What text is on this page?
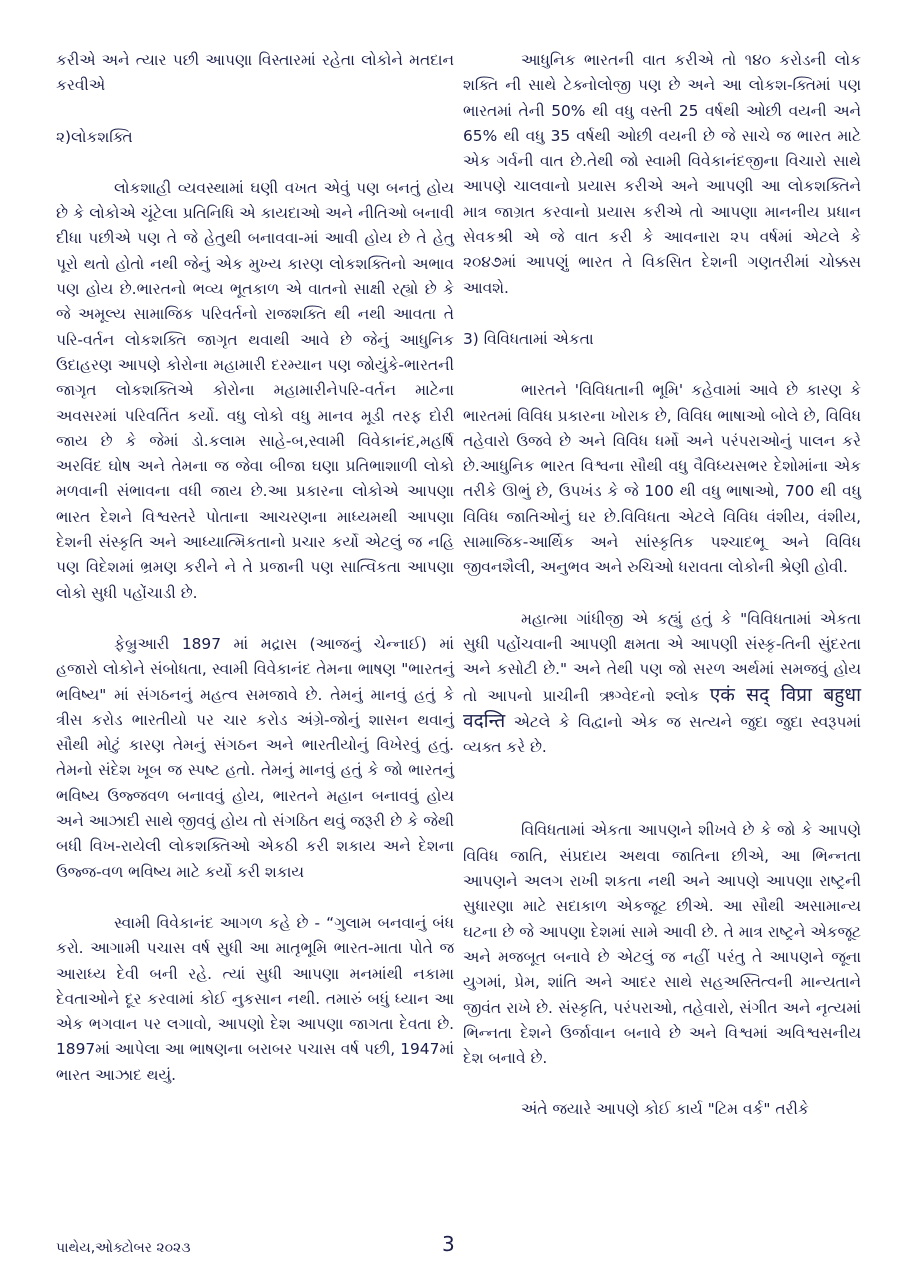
કરીએ અને ત્યાર પછી આપણા વિસ્તારમાં રહેતા લોકોને મતદાન કરવીએ

૨)લોકશક્તિ

લોકશાહી વ્યવસ્થામાં ઘણી વખત એવું પણ બનતું હોય છે કે લોકોએ ચૂંટેલા પ્રતિનિધિ એ કાયદાઓ અને નીતિઓ બનાવી દીધા પછીએ પણ તે જે હેતુથી બનાવવા-માં આવી હોય છે તે હેતુ પૂરો થતો હોતો નથી જેનું એક મુખ્ય કારણ લોકશક્તિનો અભાવ પણ હોય છે.ભારતનો ભવ્ય ભૂતકાળ એ વાતનો સાક્ષી રહ્યો છે કે જે અમૂલ્ય સામાજિક પરિવર્તનો રાજશક્તિ થી નથી આવતા તે પરિ-વર્તન લોકશક્તિ જાગૃત થવાથી આવે છે જેનું આધુનિક ઉદાહરણ આપણે કોરોના મહામારી દરમ્યાન પણ જોયુંકે-ભારતની જાગૃત લોકશક્તિએ કોરોના મહામારીનેપરિ-વર્તન માટેના અવસરમાં પરિવર્તિત કર્યો. વધુ લોકો વધુ માનવ મૂડી તરફ દોરી જાય છે કે જેમાં ડો.કલામ સાહે-બ,સ્વામી વિવેકાનંદ,મહર્ષિ અરવિંદ ઘોષ અને તેમના જ જેવા બીજા ઘણા પ્રતિભાશાળી લોકો મળવાની સંભાવના વધી જાય છે.આ પ્રકારના લોકોએ આપણા ભારત દેશને વિશ્વસ્તરે પોતાના આચરણના માધ્યમથી આપણા દેશની સંસ્કૃતિ અને આધ્યાત્મિકતાનો પ્રચાર કર્યો એટલું જ નહિ પણ વિદેશમાં ભ્રમણ કરીને ને તે પ્રજાની પણ સાત્વિકતા આપણા લોકો સુધી પહોંચાડી છે.

ફેબ્રુઆરી 1897 માં મદ્રાસ (આજનું ચેન્નાઈ) માં હજારો લોકોને સંબોધતા, સ્વામી વિવેકાનંદ તેમના ભાષણ "ભારતનું ભવિષ્ય" માં સંગઠનનું મહત્વ સમજાવે છે. તેમનું માનવું હતું કે ત્રીસ કરોડ ભારતીયો પર ચાર કરોડ અંગ્રે-જોનું શાસન થવાનું સૌથી મોટું કારણ તેમનું સંગઠન અને ભારતીયોનું વિખેરવું હતું. તેમનો સંદેશ ખૂબ જ સ્પષ્ટ હતો. તેમનું માનવું હતું કે જો ભારતનું ભવિષ્ય ઉજ્જવળ બનાવવું હોય, ભારતને મહાન બનાવવું હોય અને આઝાદી સાથે જીવવું હોય તો સંગઠિત થવું જરૂરી છે કે જેથી બધી વિખ-રાયેલી લોકશક્તિઓ એકઠી કરી શકાય અને દેશના ઉજ્જ-વળ ભવિષ્ય માટે કર્યો કરી શકાય

સ્વામી વિવેકાનંદ આગળ કહે છે - “ગુલામ બનવાનું બંધ કરો. આગામી પચાસ વર્ષ સુધી આ માતૃભૂમિ ભારત-માતા પોતે જ આરાધ્ય દેવી બની રહે. ત્યાં સુધી આપણા મનમાંથી નકામા દેવતાઓને દૂર કરવામાં કોઈ નુકસાન નથી. તમારું બધું ધ્યાન આ એક ભગવાન પર લગાવો, આપણો દેશ આપણા જાગતા દેવતા છે. 1897માં આપેલા આ ભાષણના બરાબર પચાસ વર્ષ પછી, 1947માં ભારત આઝાદ થયું.

આધુનિક ભારતની વાત કરીએ તો ૧૪૦ કરોડની લોક શક્તિ ની સાથે ટેક્નોલોજી પણ છે અને આ લોકશ-ક્તિમાં પણ ભારતમાં તેની 50% થી વધુ વસ્તી 25 વર્ષથી ઓછી વયની અને 65% થી વધુ 35 વર્ષથી ઓછી વયની છે જે સાચે જ ભારત માટે એક ગર્વની વાત છે.તેથી જો સ્વામી વિવેકાનંદજીના વિચારો સાથે આપણે ચાલવાનો પ્રયાસ કરીએ અને આપણી આ લોકશક્તિને માત્ર જાગ્રત કરવાનો પ્રયાસ કરીએ તો આપણા માનનીય પ્રધાન સેવકશ્રી એ જે વાત કરી કે આવનારા ૨૫ વર્ષમાં એટલે કે ૨૦૪૭માં આપણું ભારત તે વિકસિત દેશની ગણતરીમાં ચોક્કસ આવશે.

3) વિવિધતામાં એકતા

ભારતને 'વિવિધતાની ભૂમિ' કહેવામાં આવે છે કારણ કે ભારતમાં વિવિધ પ્રકારના ખોરાક છે, વિવિધ ભાષાઓ બોલે છે, વિવિધ તહેવારો ઉજવે છે અને વિવિધ ધર્મો અને પરંપરાઓનું પાલન કરે છે.આધુનિક ભારત વિશ્વના સૌથી વધુ વૈવિધ્યસભર દેશોમાંના એક તરીકે ઊભું છે, ઉપખંડ કે જે 100 થી વધુ ભાષાઓ, 700 થી વધુ વિવિધ જાતિઓનું ઘર છે.વિવિધતા એટલે વિવિધ વંશીય, વંશીય, સામાજિક-આર્થિક અને સાંસ્કૃતિક પશ્ચાદભૂ અને વિવિધ જીવનશૈલી, અનુભવ અને રુચિઓ ધરાવતા લોકોની શ્રેણી હોવી.

મહાત્મા ગાંધીજી એ કહ્યું હતું કે "વિવિધતામાં એકતા સુધી પહોંચવાની આપણી ક્ષમતા એ આપણી સંસ્કૃ-તિની સુંદરતા અને કસોટી છે." અને તેથી પણ જો સરળ અર્થમાં સમજવું હોય તો આપનો પ્રાચીની ઋગ્વેદનો શ્લોક एकं सद् विप्रा बहुधा वदन्ति એટલે કે વિદ્વાનો એક જ સત્યને જુદા જુદા સ્વરૂપમાં વ્યક્ત કરે છે.

વિવિધતામાં એકતા આપણને શીખવે છે કે જો કે આપણે વિવિધ જાતિ, સંપ્રદાય અથવા જાતિના છીએ, આ ભિન્નતા આપણને અલગ રાખી શકતા નથી અને આપણે આપણા રાષ્ટ્રની સુધારણા માટે સદાકાળ એકજૂટ છીએ. આ સૌથી અસામાન્ય ઘટના છે જે આપણા દેશમાં સામે આવી છે. તે માત્ર રાષ્ટ્રને એકજૂટ અને મજબૂત બનાવે છે એટલું જ નહીં પરંતુ તે આપણને જૂના યુગમાં, પ્રેમ, શાંતિ અને આદર સાથે સહઅસ્તિત્વની માન્યતાને જીવંત રાખે છે. સંસ્કૃતિ, પરંપરાઓ, તહેવારો, સંગીત અને નૃત્યમાં ભિન્નતા દેશને ઉર્જાવાન બનાવે છે અને વિશ્વમાં અવિશ્વસનીય દેશ બનાવે છે.

અંતે જયારે આપણે કોઈ કાર્ય "ટિમ વર્ક" તરીકે

પાથેય,ઓક્ટોબર ૨૦૨૩	3
